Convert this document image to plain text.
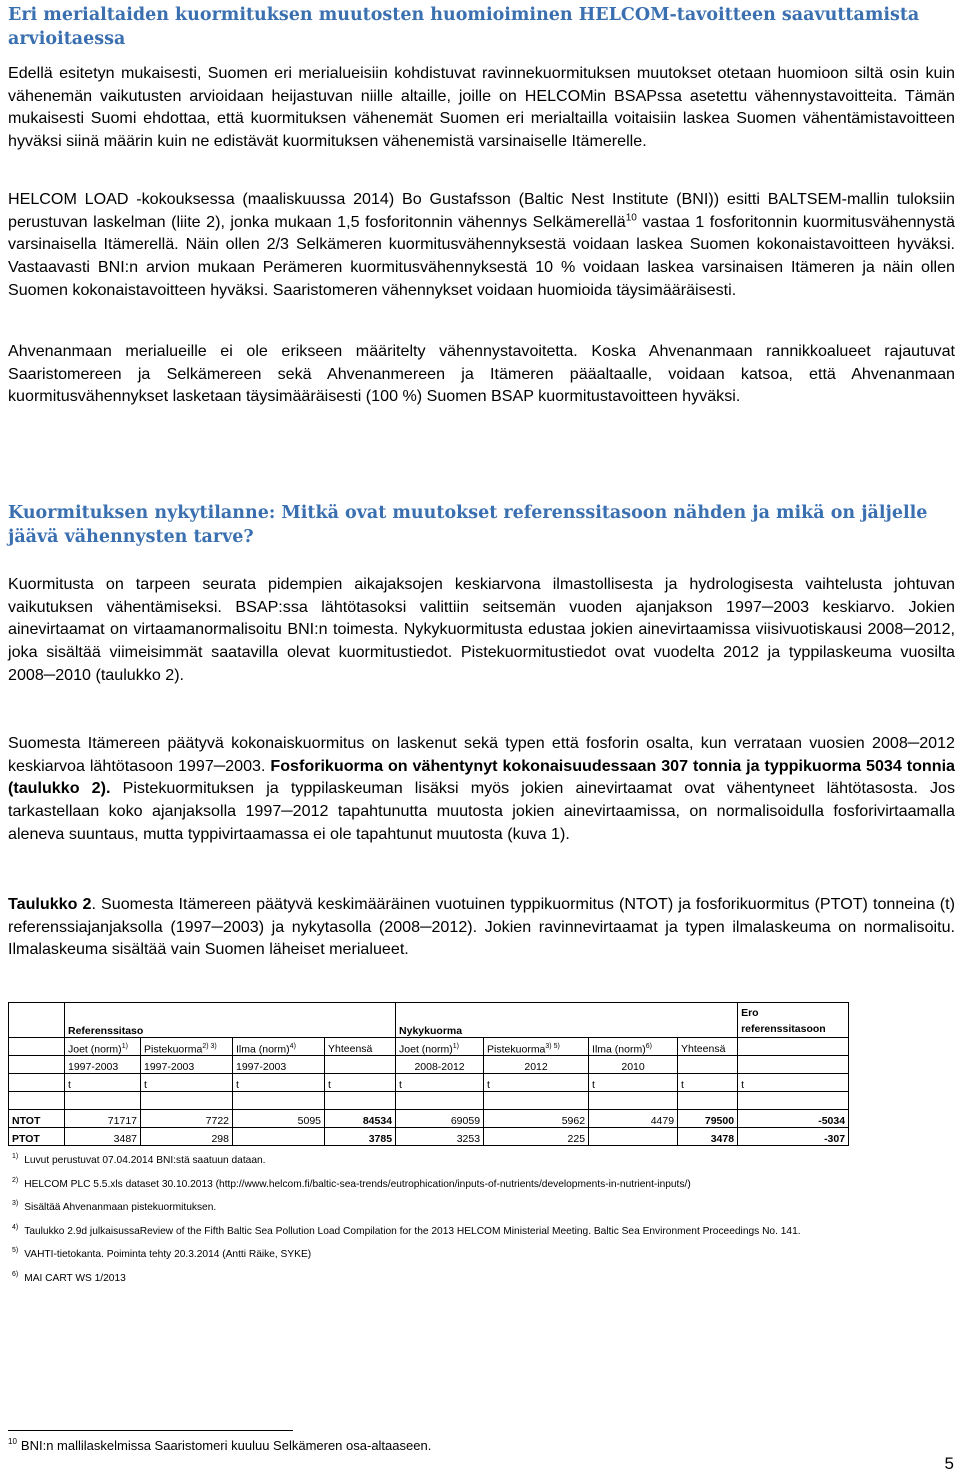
Eri merialtaiden kuormituksen muutosten huomioiminen HELCOM-tavoitteen saavuttamista arvioitaessa

Edellä esitetyn mukaisesti, Suomen eri merialueisiin kohdistuvat ravinnekuormituksen muutokset otetaan huomioon siltä osin kuin vähenemän vaikutusten arvioidaan heijastuvan niille altaille, joille on HELCOMin BSAPssa asetettu vähennystavoitteita. Tämän mukaisesti Suomi ehdottaa, että kuormituksen vähenemät Suomen eri merialtailla voitaisiin laskea Suomen vähentämistavoitteen hyväksi siinä määrin kuin ne edistävät kuormituksen vähenemistä varsinaiselle Itämerelle.

HELCOM LOAD -kokouksessa (maaliskuussa 2014) Bo Gustafsson (Baltic Nest Institute (BNI)) esitti BALTSEM-mallin tuloksiin perustuvan laskelman (liite 2), jonka mukaan 1,5 fosforitonnin vähennys Selkämerellä$^{10}$ vastaa 1 fosforitonnin kuormitusvähennystä varsinaisella Itämerellä. Näin ollen 2/3 Selkämeren kuormitusvähennyksestä voidaan laskea Suomen kokonaistavoitteen hyväksi. Vastaavasti BNI:n arvion mukaan Perämeren kuormitusvähennyksestä 10 % voidaan laskea varsinaisen Itämeren ja näin ollen Suomen kokonaistavoitteen hyväksi. Saaristomeren vähennykset voidaan huomioida täysimääräisesti.

Ahvenanmaan merialueille ei ole erikseen määritelty vähennystavoitetta. Koska Ahvenanmaan rannikkoalueet rajautuvat Saaristomereen ja Selkämereen sekä Ahvenanmereen ja Itämeren pääaltaalle, voidaan katsoa, että Ahvenanmaan kuormitusvähennykset lasketaan täysimääräisesti (100 %) Suomen BSAP kuormitustavoitteen hyväksi.

Kuormituksen nykytilanne: Mitkä ovat muutokset referenssitasoon nähden ja mikä on jäljelle jäävä vähennysten tarve?

Kuormitusta on tarpeen seurata pidempien aikajaksojen keskiarvona ilmastollisesta ja hydrologisesta vaihtelusta johtuvan vaikutuksen vähentämiseksi. BSAP:ssa lähtötasoksi valittiin seitsemän vuoden ajanjakson 1997─2003 keskiarvo. Jokien ainevirtaamat on virtaamanormalisoitu BNI:n toimesta. Nykykuormitusta edustaa jokien ainevirtaamissa viisivuotiskausi 2008─2012, joka sisältää viimeisimmät saatavilla olevat kuormitustiedot. Pistekuormitustiedot ovat vuodelta 2012 ja typpilaskeuma vuosilta 2008─2010 (taulukko 2).

Suomesta Itämereen päätyvä kokonaiskuormitus on laskenut sekä typen että fosforin osalta, kun verrataan vuosien 2008─2012 keskiarvoa lähtötasoon 1997─2003. Fosforikuorma on vähentynyt kokonaisuudessaan 307 tonnia ja typpikuorma 5034 tonnia (taulukko 2). Pistekuormituksen ja typpilaskeuman lisäksi myös jokien ainevirtaamat ovat vähentyneet lähtötasosta. Jos tarkastellaan koko ajanjaksolla 1997─2012 tapahtunutta muutosta jokien ainevirtaamissa, on normalisoidulla fosforivirtaamalla aleneva suuntaus, mutta typpivirtaamassa ei ole tapahtunut muutosta (kuva 1).

Taulukko 2. Suomesta Itämereen päätyvä keskimääräinen vuotuinen typpikuormitus (NTOT) ja fosforikuormitus (PTOT) tonneina (t) referenssiajanjaksolla (1997─2003) ja nykytasolla (2008─2012). Jokien ravinnevirtaamat ja typen ilmalaskeuma on normalisoitu. Ilmalaskeuma sisältää vain Suomen läheiset merialueet.

	Referenssitaso				Nykykuorma				Ero
referenssitasoon
	Joet (norm)$^{1)}$	Pistekuorma$^{2) 3)}$	Ilma (norm)$^{4)}$	Yhteensä	Joet (norm)$^{1)}$	Pistekuorma$^{3) 5)}$	Ilma (norm)$^{6)}$	Yhteensä	
	1997-2003	1997-2003	1997-2003		2008-2012	2012	2010		
	t	t	t	t	t	t	t	t	t

NTOT	71717	7722	5095	84534	69059	5962	4479	79500	-5034
PTOT	3487	298		3785	3253	225		3478	-307
$^{1)}$ Luvut perustuvat 07.04.2014 BNI:stä saatuun dataan.
$^{2)}$ HELCOM PLC 5.5.xls dataset 30.10.2013 (http://www.helcom.fi/baltic-sea-trends/eutrophication/inputs-of-nutrients/developments-in-nutrient-inputs/)
$^{3)}$ Sisältää Ahvenanmaan pistekuormituksen.
$^{4)}$ Taulukko 2.9d julkaisussaReview of the Fifth Baltic Sea Pollution Load Compilation for the 2013 HELCOM Ministerial Meeting. Baltic Sea Environment Proceedings No. 141.
$^{5)}$ VAHTI-tietokanta. Poiminta tehty 20.3.2014 (Antti Räike, SYKE)
$^{6)}$ MAI CART WS 1/2013
$^{10}$ BNI:n mallilaskelmissa Saaristomeri kuuluu Selkämeren osa-altaaseen.
5
